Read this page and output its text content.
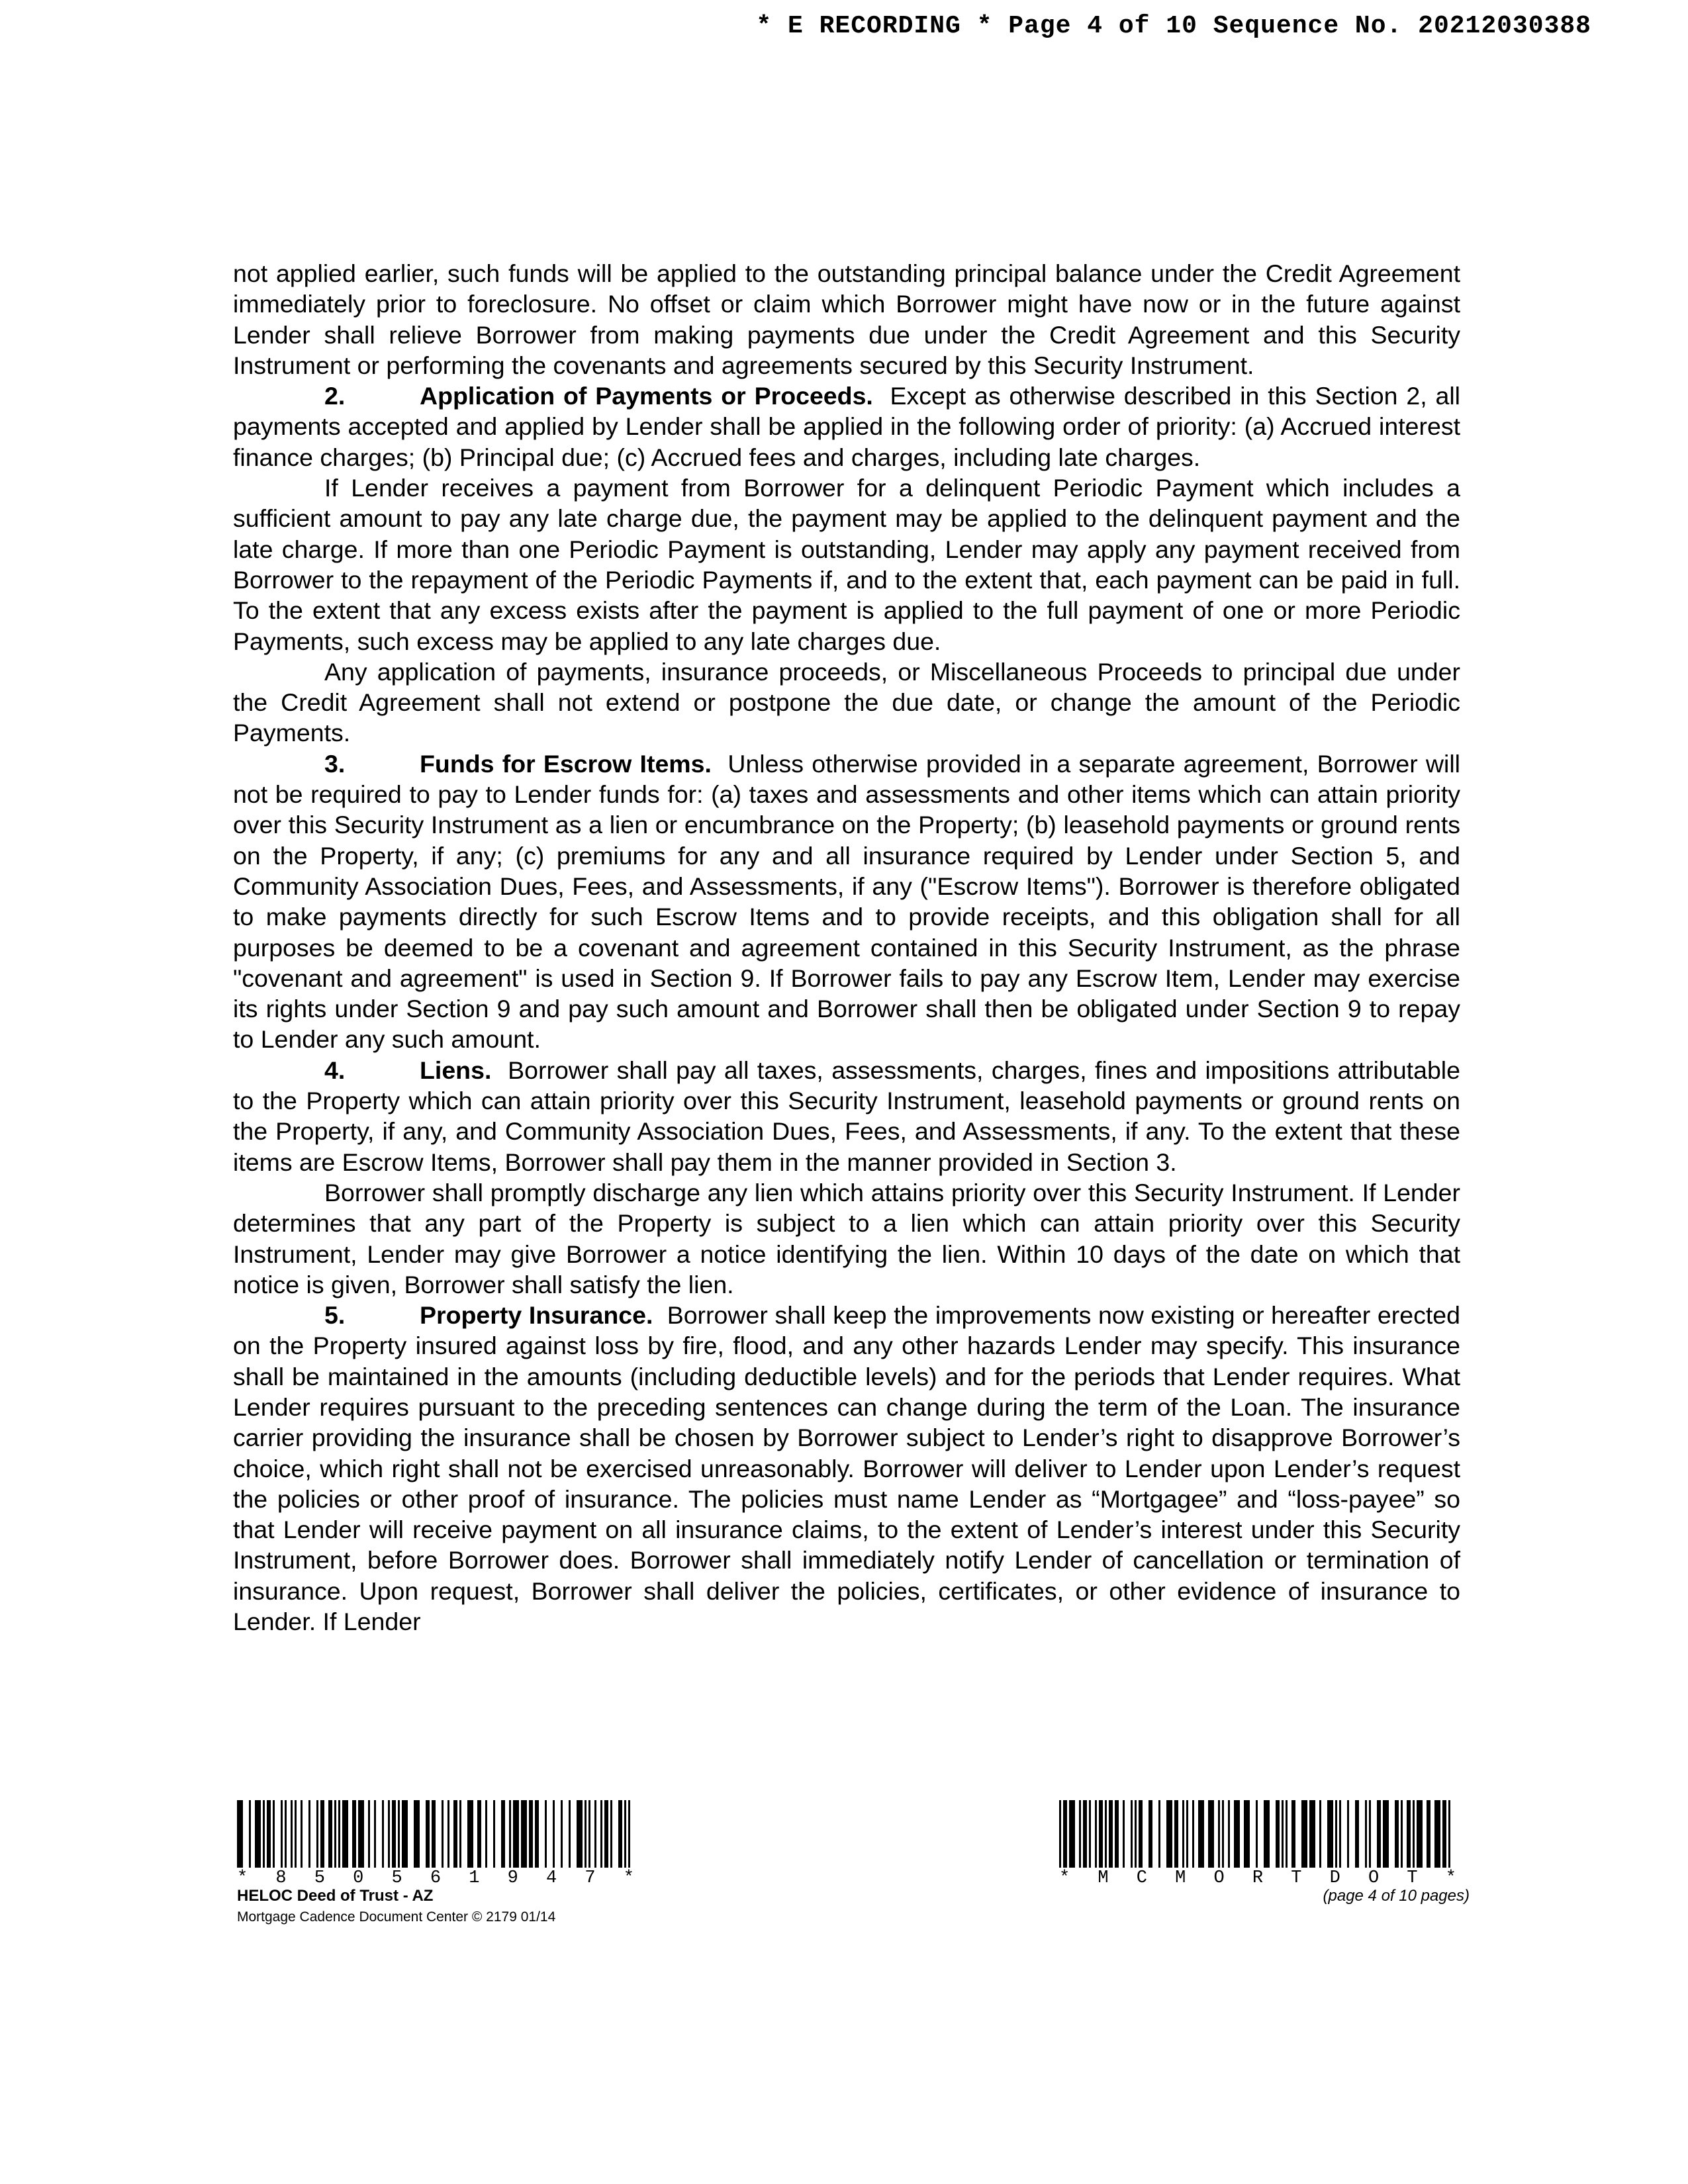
* E RECORDING * Page 4 of 10 Sequence No. 20212030388

not applied earlier, such funds will be applied to the outstanding principal balance under the Credit Agreement immediately prior to foreclosure. No offset or claim which Borrower might have now or in the future against Lender shall relieve Borrower from making payments due under the Credit Agreement and this Security Instrument or performing the covenants and agreements secured by this Security Instrument.

2.	Application of Payments or Proceeds. Except as otherwise described in this Section 2, all payments accepted and applied by Lender shall be applied in the following order of priority: (a) Accrued interest finance charges; (b) Principal due; (c) Accrued fees and charges, including late charges.

If Lender receives a payment from Borrower for a delinquent Periodic Payment which includes a sufficient amount to pay any late charge due, the payment may be applied to the delinquent payment and the late charge. If more than one Periodic Payment is outstanding, Lender may apply any payment received from Borrower to the repayment of the Periodic Payments if, and to the extent that, each payment can be paid in full. To the extent that any excess exists after the payment is applied to the full payment of one or more Periodic Payments, such excess may be applied to any late charges due.

Any application of payments, insurance proceeds, or Miscellaneous Proceeds to principal due under the Credit Agreement shall not extend or postpone the due date, or change the amount of the Periodic Payments.

3.	Funds for Escrow Items. Unless otherwise provided in a separate agreement, Borrower will not be required to pay to Lender funds for: (a) taxes and assessments and other items which can attain priority over this Security Instrument as a lien or encumbrance on the Property; (b) leasehold payments or ground rents on the Property, if any; (c) premiums for any and all insurance required by Lender under Section 5, and Community Association Dues, Fees, and Assessments, if any ("Escrow Items"). Borrower is therefore obligated to make payments directly for such Escrow Items and to provide receipts, and this obligation shall for all purposes be deemed to be a covenant and agreement contained in this Security Instrument, as the phrase "covenant and agreement" is used in Section 9. If Borrower fails to pay any Escrow Item, Lender may exercise its rights under Section 9 and pay such amount and Borrower shall then be obligated under Section 9 to repay to Lender any such amount.

4.	Liens. Borrower shall pay all taxes, assessments, charges, fines and impositions attributable to the Property which can attain priority over this Security Instrument, leasehold payments or ground rents on the Property, if any, and Community Association Dues, Fees, and Assessments, if any. To the extent that these items are Escrow Items, Borrower shall pay them in the manner provided in Section 3.

Borrower shall promptly discharge any lien which attains priority over this Security Instrument. If Lender determines that any part of the Property is subject to a lien which can attain priority over this Security Instrument, Lender may give Borrower a notice identifying the lien. Within 10 days of the date on which that notice is given, Borrower shall satisfy the lien.

5.	Property Insurance. Borrower shall keep the improvements now existing or hereafter erected on the Property insured against loss by fire, flood, and any other hazards Lender may specify. This insurance shall be maintained in the amounts (including deductible levels) and for the periods that Lender requires. What Lender requires pursuant to the preceding sentences can change during the term of the Loan. The insurance carrier providing the insurance shall be chosen by Borrower subject to Lender’s right to disapprove Borrower’s choice, which right shall not be exercised unreasonably. Borrower will deliver to Lender upon Lender’s request the policies or other proof of insurance. The policies must name Lender as “Mortgagee” and “loss-payee” so that Lender will receive payment on all insurance claims, to the extent of Lender’s interest under this Security Instrument, before Borrower does. Borrower shall immediately notify Lender of cancellation or termination of insurance. Upon request, Borrower shall deliver the policies, certificates, or other evidence of insurance to Lender. If Lender

* 8 5 0 5 6 1 9 4 7 *
HELOC Deed of Trust - AZ
Mortgage Cadence Document Center © 2179 01/14
* M C M O R T D O T *
(page 4 of 10 pages)
